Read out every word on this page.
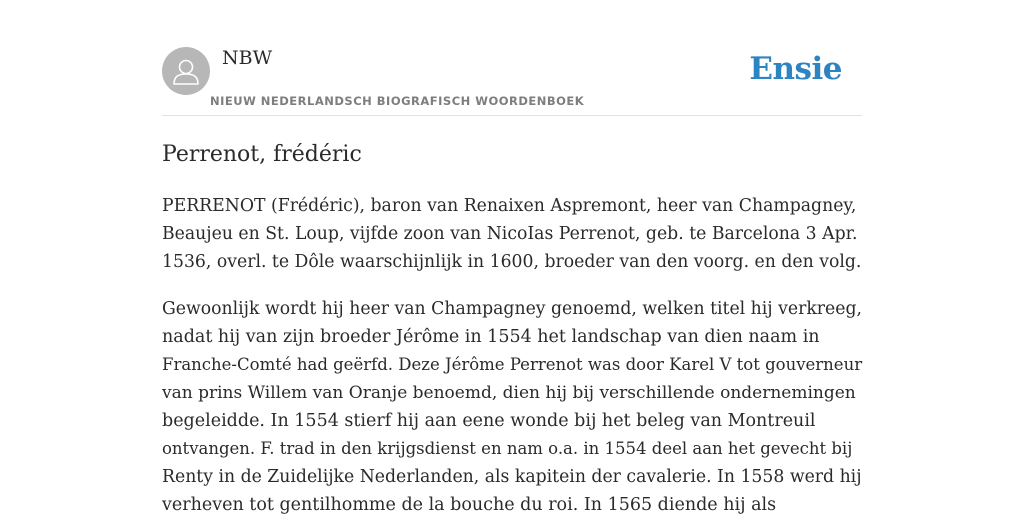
NBW
NIEUW NEDERLANDSCH BIOGRAFISCH WOORDENBOEK
Ensie
Perrenot, frédéric

PERRENOT (Frédéric), baron van Renaixen Aspremont, heer van Champagney,
Beaujeu en St. Loup, vijfde zoon van NicoIas Perrenot, geb. te Barcelona 3 Apr.
1536, overl. te Dôle waarschijnlijk in 1600, broeder van den voorg. en den volg.

Gewoonlijk wordt hij heer van Champagney genoemd, welken titel hij verkreeg,
nadat hij van zijn broeder Jérôme in 1554 het landschap van dien naam in
Franche-Comté had geërfd. Deze Jérôme Perrenot was door Karel V tot gouverneur
van prins Willem van Oranje benoemd, dien hij bij verschillende ondernemingen
begeleidde. In 1554 stierf hij aan eene wonde bij het beleg van Montreuil
ontvangen. F. trad in den krijgsdienst en nam o.a. in 1554 deel aan het gevecht bij
Renty in de Zuidelijke Nederlanden, als kapitein der cavalerie. In 1558 werd hij
verheven tot gentilhomme de la bouche du roi. In 1565 diende hij als
